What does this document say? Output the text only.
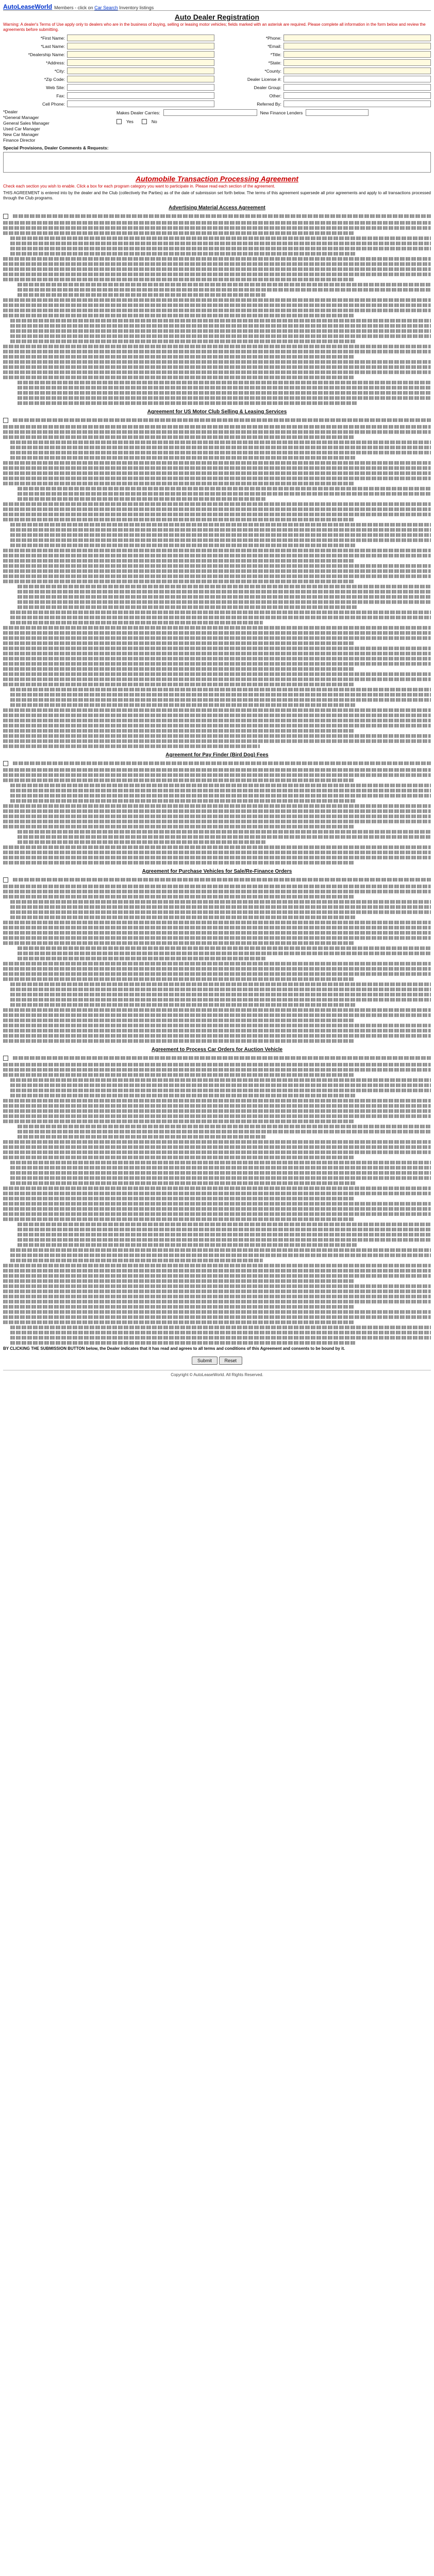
AutoLeaseWorld Members - click on Car Search Inventory listings
Auto Dealer Registration
Warning: A dealer's Terms of Use apply only to dealers who are in the business of buying, selling or leasing motor vehicles; fields marked with an asterisk are required. Please complete all information in the form below and review the agreements before submitting.
*First Name:	*Phone:
*Last Name:	*Email:
*Dealership Name:	*Title:
*Address:	*State:
*City:	*County:
*Zip Code:	Dealer License #:
Web Site:	Dealer Group:
Fax:	Other:
Cell Phone:	Referred By:
*Dealer
*General Manager
General Sales Manager
Used Car Manager
New Car Manager
Finance Director
Makes Dealer Carries:	New Finance Lenders
Yes	No
Special Provisions, Dealer Comments & Requests:
Automobile Transaction Processing Agreement
Check each section you wish to enable. Click a box for each program category you want to participate in. Please read each section of the agreement.
THIS AGREEMENT is entered into by the dealer and the Club (collectively the Parties) as of the date of submission set forth below. The terms of this agreement supersede all prior agreements and apply to all transactions processed through the Club programs.
Advertising Material Access Agreement
Agreement for US Motor Club Selling & Leasing Services
Agreement for Pay Finder (Bird Dog) Fees
Agreement for Purchase Vehicles for Sale/Re-Finance Orders
Agreement to Process Car Orders for Auction Vehicle
BY CLICKING THE SUBMISSION BUTTON below, the Dealer indicates that it has read and agrees to all terms and conditions of this Agreement and consents to be bound by it.
Submit	Reset
Copyright © AutoLeaseWorld. All Rights Reserved.
